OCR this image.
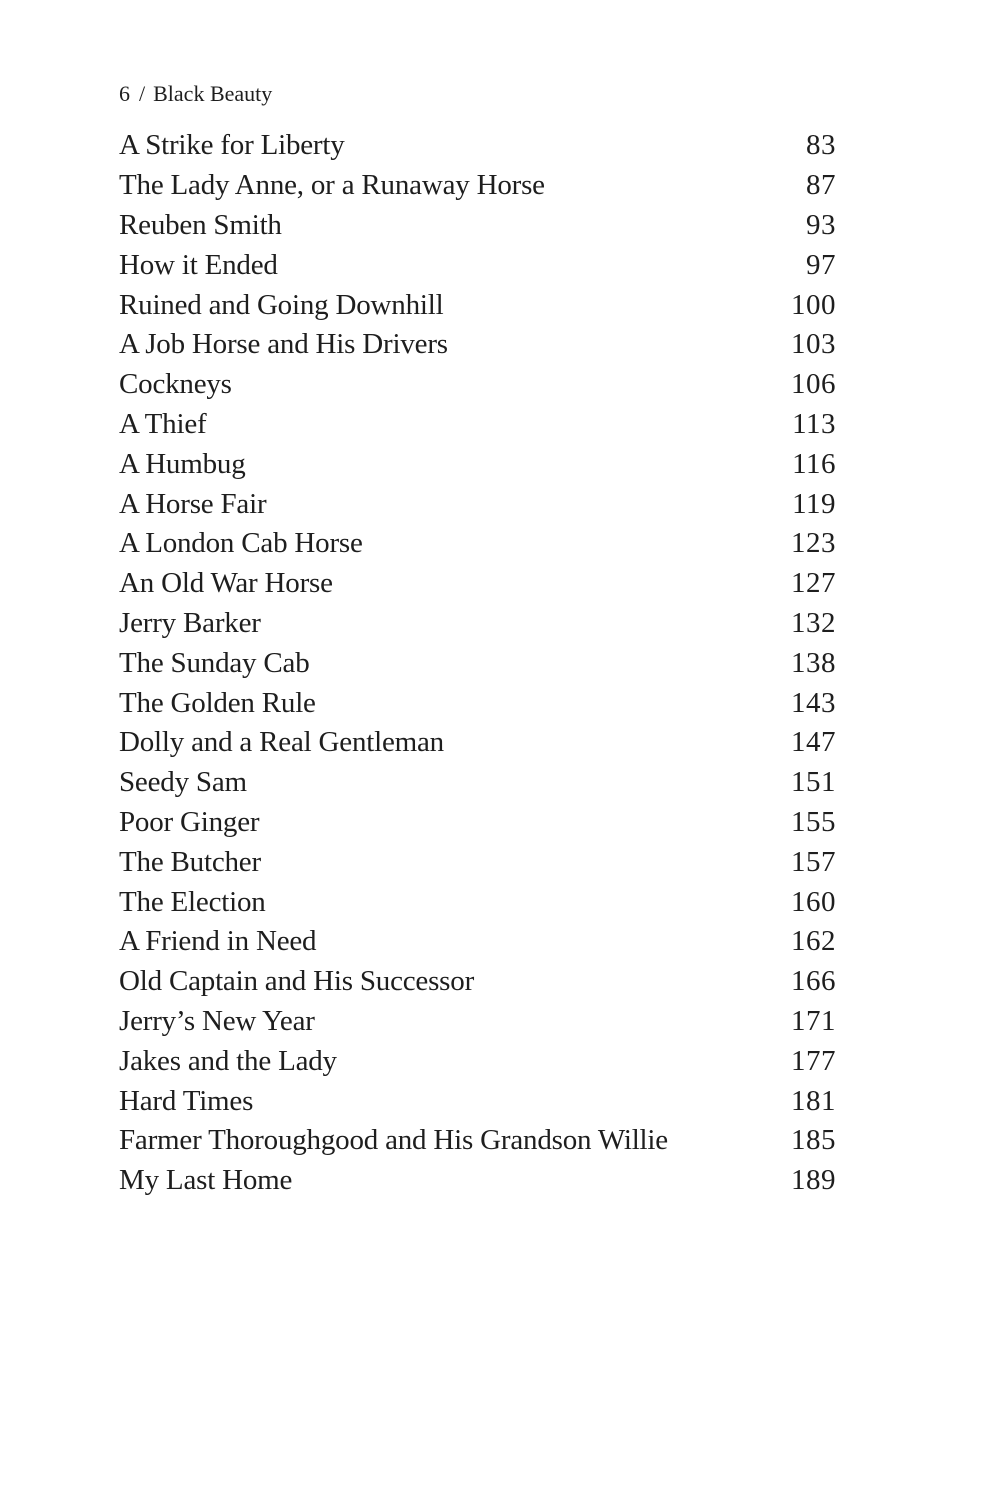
6 / Black Beauty
A Strike for Liberty	83
The Lady Anne, or a Runaway Horse	87
Reuben Smith	93
How it Ended	97
Ruined and Going Downhill	100
A Job Horse and His Drivers	103
Cockneys	106
A Thief	113
A Humbug	116
A Horse Fair	119
A London Cab Horse	123
An Old War Horse	127
Jerry Barker	132
The Sunday Cab	138
The Golden Rule	143
Dolly and a Real Gentleman	147
Seedy Sam	151
Poor Ginger	155
The Butcher	157
The Election	160
A Friend in Need	162
Old Captain and His Successor	166
Jerry’s New Year	171
Jakes and the Lady	177
Hard Times	181
Farmer Thoroughgood and His Grandson Willie	185
My Last Home	189
